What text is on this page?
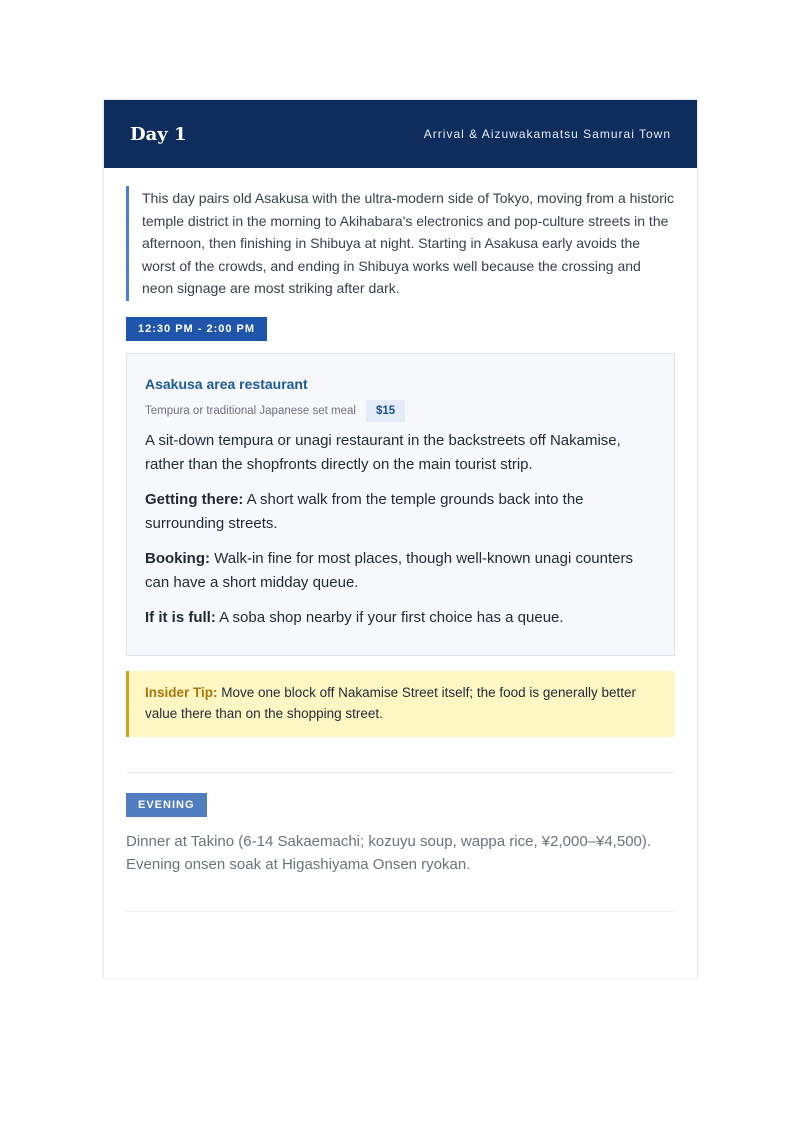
Day 1	Arrival & Aizuwakamatsu Samurai Town
This day pairs old Asakusa with the ultra-modern side of Tokyo, moving from a historic temple district in the morning to Akihabara's electronics and pop-culture streets in the afternoon, then finishing in Shibuya at night. Starting in Asakusa early avoids the worst of the crowds, and ending in Shibuya works well because the crossing and neon signage are most striking after dark.
12:30 PM - 2:00 PM
Asakusa area restaurant
Tempura or traditional Japanese set meal	$15
A sit-down tempura or unagi restaurant in the backstreets off Nakamise, rather than the shopfronts directly on the main tourist strip.
Getting there: A short walk from the temple grounds back into the surrounding streets.
Booking: Walk-in fine for most places, though well-known unagi counters can have a short midday queue.
If it is full: A soba shop nearby if your first choice has a queue.
Insider Tip: Move one block off Nakamise Street itself; the food is generally better value there than on the shopping street.
EVENING
Dinner at Takino (6-14 Sakaemachi; kozuyu soup, wappa rice, ¥2,000–¥4,500). Evening onsen soak at Higashiyama Onsen ryokan.
